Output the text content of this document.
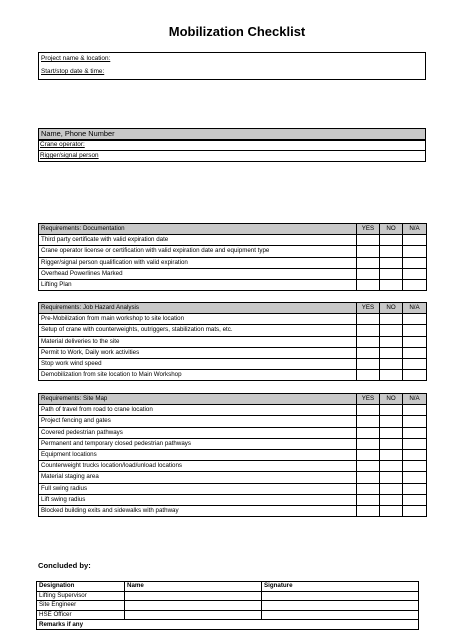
Mobilization Checklist
Project name & location:
Start/stop date & time:
Name, Phone Number
Crane operator:
Rigger/signal person
Requirements: Documentation	YES	NO	N/A
Third party certificate with valid expiration date			
Crane operator license or certification with valid expiration date and equipment type			
Rigger/signal person qualification with valid expiration			
Overhead Powerlines Marked			
Lifting Plan			
Requirements: Job Hazard Analysis	YES	NO	N/A
Pre-Mobilization from main workshop to site location			
Setup of crane with counterweights, outriggers, stabilization mats, etc.			
Material deliveries to the site			
Permit to Work, Daily work activities			
Stop work wind speed			
Demobilization from site location to Main Workshop			
Requirements: Site Map	YES	NO	N/A
Path of travel from road to crane location			
Project fencing and gates			
Covered pedestrian pathways			
Permanent and temporary closed pedestrian pathways			
Equipment locations			
Counterweight trucks location/load/unload locations			
Material staging area			
Full swing radius			
Lift swing radius			
Blocked building exits and sidewalks with pathway			
Concluded by:
Designation	Name	Signature
Lifting Supervisor		
Site Engineer		
HSE Officer		
Remarks if any		
